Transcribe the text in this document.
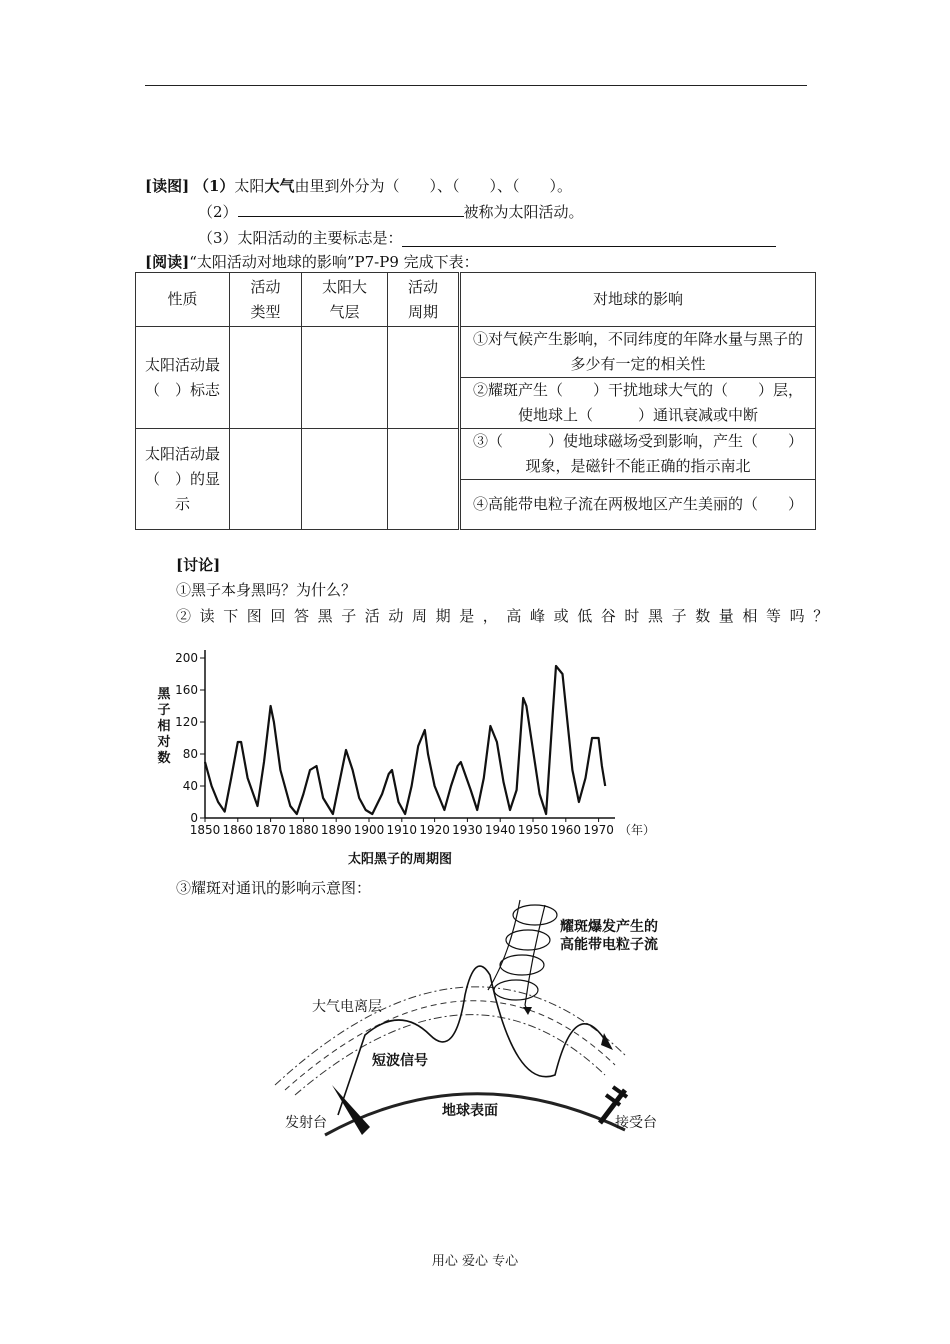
[读图] （1）太阳大气由里到外分为（　　）、（　　）、（　　）。
（2）	被称为太阳活动。
（3）太阳活动的主要标志是：
[阅读]“太阳活动对地球的影响”P7-P9 完成下表：
性质	活动类型	太阳大气层	活动周期	对地球的影响

太阳活动最（　）标志				①对气候产生影响，不同纬度的年降水量与黑子的多少有一定的相关性

				②耀斑产生（　　）干扰地球大气的（　　）层，使地球上（　　　）通讯衰减或中断

太阳活动最（　）的显示				③（　　　）使地球磁场受到影响，产生（　　）现象，是磁针不能正确的指示南北

				④高能带电粒子流在两极地区产生美丽的（　　）
[讨论]
①黑子本身黑吗？为什么？
②读下图回答黑子活动周期是，高峰或低谷时黑子数量相等吗？
0
40
80
120
160
200
1850 1860 1870 1880 1890 1900 1910 1920 1930 1940 1950 1960 1970 （年）
黑
子
相
对
数
太阳黑子的周期图
③耀斑对通讯的影响示意图：
耀斑爆发产生的
高能带电粒子流
大气电离层
短波信号
地球表面
发射台	接受台
用心 爱心 专心
